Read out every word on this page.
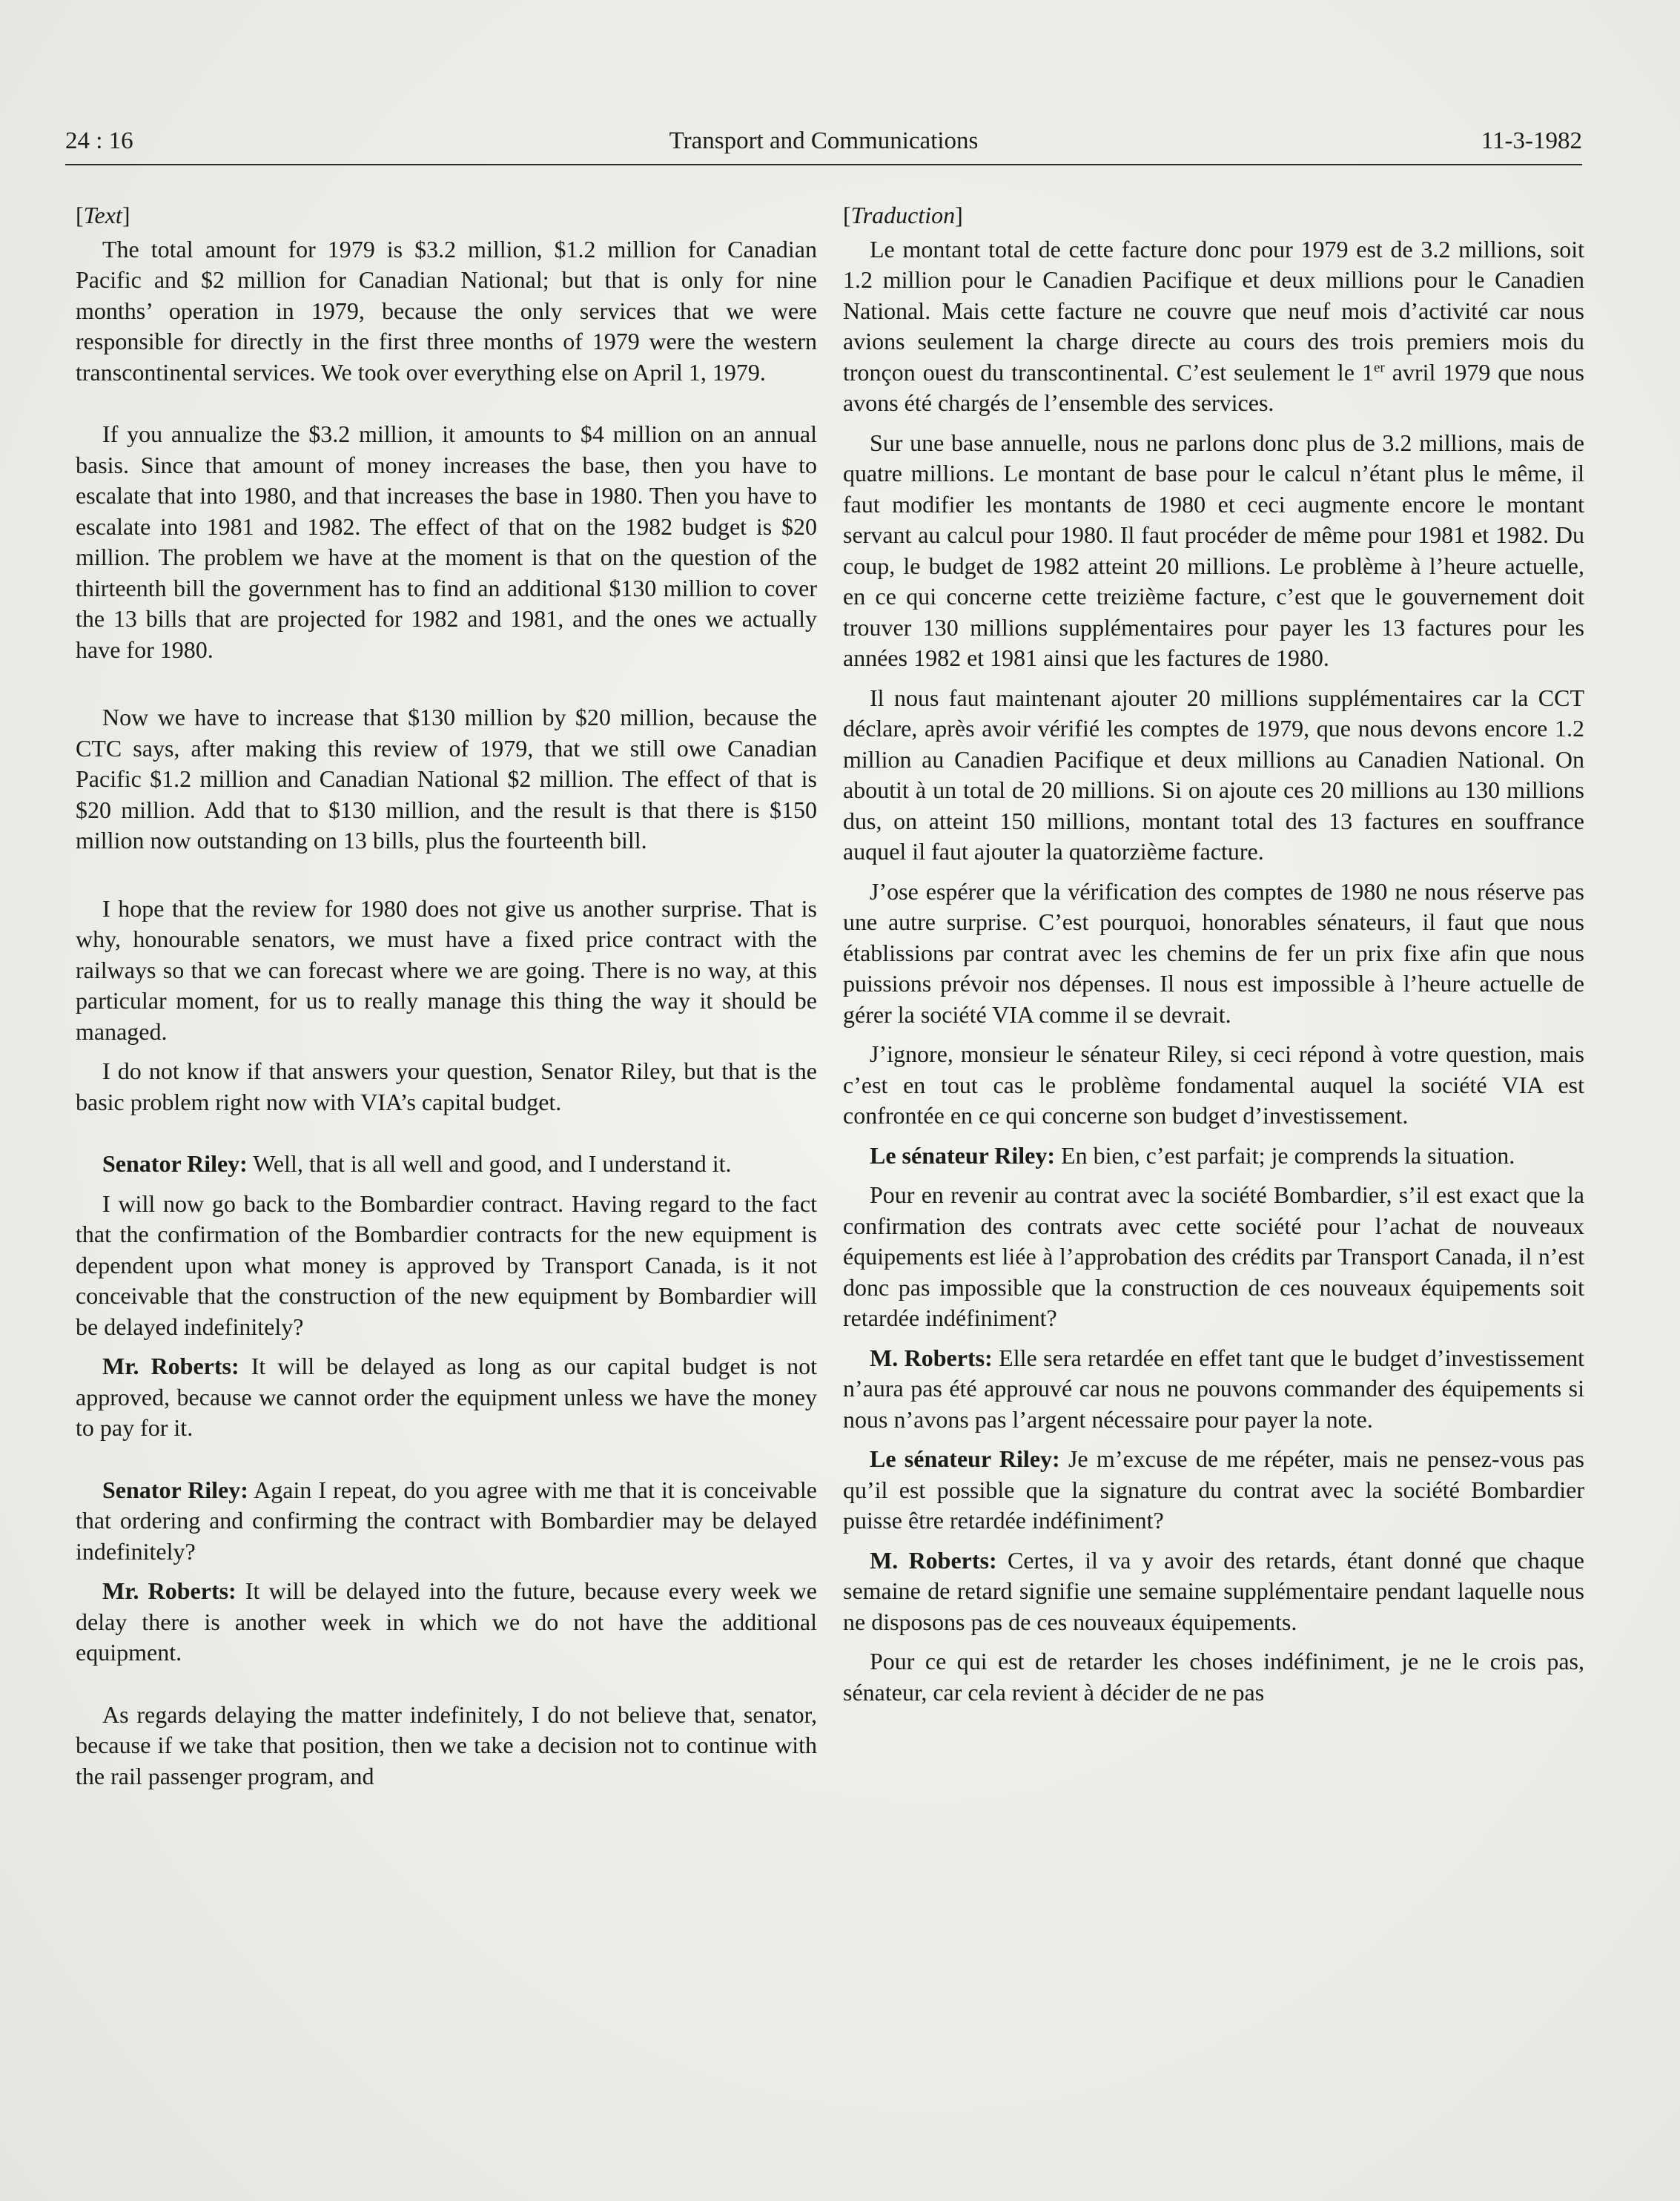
24 : 16	Transport and Communications	11-3-1982

[Text]

The total amount for 1979 is $3.2 million, $1.2 million for Canadian Pacific and $2 million for Canadian National; but that is only for nine months’ operation in 1979, because the only services that we were responsible for directly in the first three months of 1979 were the western transcontinental services. We took over everything else on April 1, 1979.

If you annualize the $3.2 million, it amounts to $4 million on an annual basis. Since that amount of money increases the base, then you have to escalate that into 1980, and that increases the base in 1980. Then you have to escalate into 1981 and 1982. The effect of that on the 1982 budget is $20 million. The problem we have at the moment is that on the question of the thirteenth bill the government has to find an additional $130 million to cover the 13 bills that are projected for 1982 and 1981, and the ones we actually have for 1980.

Now we have to increase that $130 million by $20 million, because the CTC says, after making this review of 1979, that we still owe Canadian Pacific $1.2 million and Canadian National $2 million. The effect of that is $20 million. Add that to $130 million, and the result is that there is $150 million now outstanding on 13 bills, plus the fourteenth bill.

I hope that the review for 1980 does not give us another surprise. That is why, honourable senators, we must have a fixed price contract with the railways so that we can forecast where we are going. There is no way, at this particular moment, for us to really manage this thing the way it should be managed.

I do not know if that answers your question, Senator Riley, but that is the basic problem right now with VIA’s capital budget.

Senator Riley: Well, that is all well and good, and I understand it.

I will now go back to the Bombardier contract. Having regard to the fact that the confirmation of the Bombardier contracts for the new equipment is dependent upon what money is approved by Transport Canada, is it not conceivable that the construction of the new equipment by Bombardier will be delayed indefinitely?

Mr. Roberts: It will be delayed as long as our capital budget is not approved, because we cannot order the equipment unless we have the money to pay for it.

Senator Riley: Again I repeat, do you agree with me that it is conceivable that ordering and confirming the contract with Bombardier may be delayed indefinitely?

Mr. Roberts: It will be delayed into the future, because every week we delay there is another week in which we do not have the additional equipment.

As regards delaying the matter indefinitely, I do not believe that, senator, because if we take that position, then we take a decision not to continue with the rail passenger program, and

[Traduction]

Le montant total de cette facture donc pour 1979 est de 3.2 millions, soit 1.2 million pour le Canadien Pacifique et deux millions pour le Canadien National. Mais cette facture ne couvre que neuf mois d’activité car nous avions seulement la charge directe au cours des trois premiers mois du tronçon ouest du transcontinental. C’est seulement le 1er avril 1979 que nous avons été chargés de l’ensemble des services.

Sur une base annuelle, nous ne parlons donc plus de 3.2 millions, mais de quatre millions. Le montant de base pour le calcul n’étant plus le même, il faut modifier les montants de 1980 et ceci augmente encore le montant servant au calcul pour 1980. Il faut procéder de même pour 1981 et 1982. Du coup, le budget de 1982 atteint 20 millions. Le problème à l’heure actuelle, en ce qui concerne cette treizième facture, c’est que le gouvernement doit trouver 130 millions supplémentaires pour payer les 13 factures pour les années 1982 et 1981 ainsi que les factures de 1980.

Il nous faut maintenant ajouter 20 millions supplémentaires car la CCT déclare, après avoir vérifié les comptes de 1979, que nous devons encore 1.2 million au Canadien Pacifique et deux millions au Canadien National. On aboutit à un total de 20 millions. Si on ajoute ces 20 millions au 130 millions dus, on atteint 150 millions, montant total des 13 factures en souffrance auquel il faut ajouter la quatorzième facture.

J’ose espérer que la vérification des comptes de 1980 ne nous réserve pas une autre surprise. C’est pourquoi, honorables sénateurs, il faut que nous établissions par contrat avec les chemins de fer un prix fixe afin que nous puissions prévoir nos dépenses. Il nous est impossible à l’heure actuelle de gérer la société VIA comme il se devrait.

J’ignore, monsieur le sénateur Riley, si ceci répond à votre question, mais c’est en tout cas le problème fondamental auquel la société VIA est confrontée en ce qui concerne son budget d’investissement.

Le sénateur Riley: En bien, c’est parfait; je comprends la situation.

Pour en revenir au contrat avec la société Bombardier, s’il est exact que la confirmation des contrats avec cette société pour l’achat de nouveaux équipements est liée à l’approbation des crédits par Transport Canada, il n’est donc pas impossible que la construction de ces nouveaux équipements soit retardée indéfiniment?

M. Roberts: Elle sera retardée en effet tant que le budget d’investissement n’aura pas été approuvé car nous ne pouvons commander des équipements si nous n’avons pas l’argent nécessaire pour payer la note.

Le sénateur Riley: Je m’excuse de me répéter, mais ne pensez-vous pas qu’il est possible que la signature du contrat avec la société Bombardier puisse être retardée indéfiniment?

M. Roberts: Certes, il va y avoir des retards, étant donné que chaque semaine de retard signifie une semaine supplémentaire pendant laquelle nous ne disposons pas de ces nouveaux équipements.

Pour ce qui est de retarder les choses indéfiniment, je ne le crois pas, sénateur, car cela revient à décider de ne pas
